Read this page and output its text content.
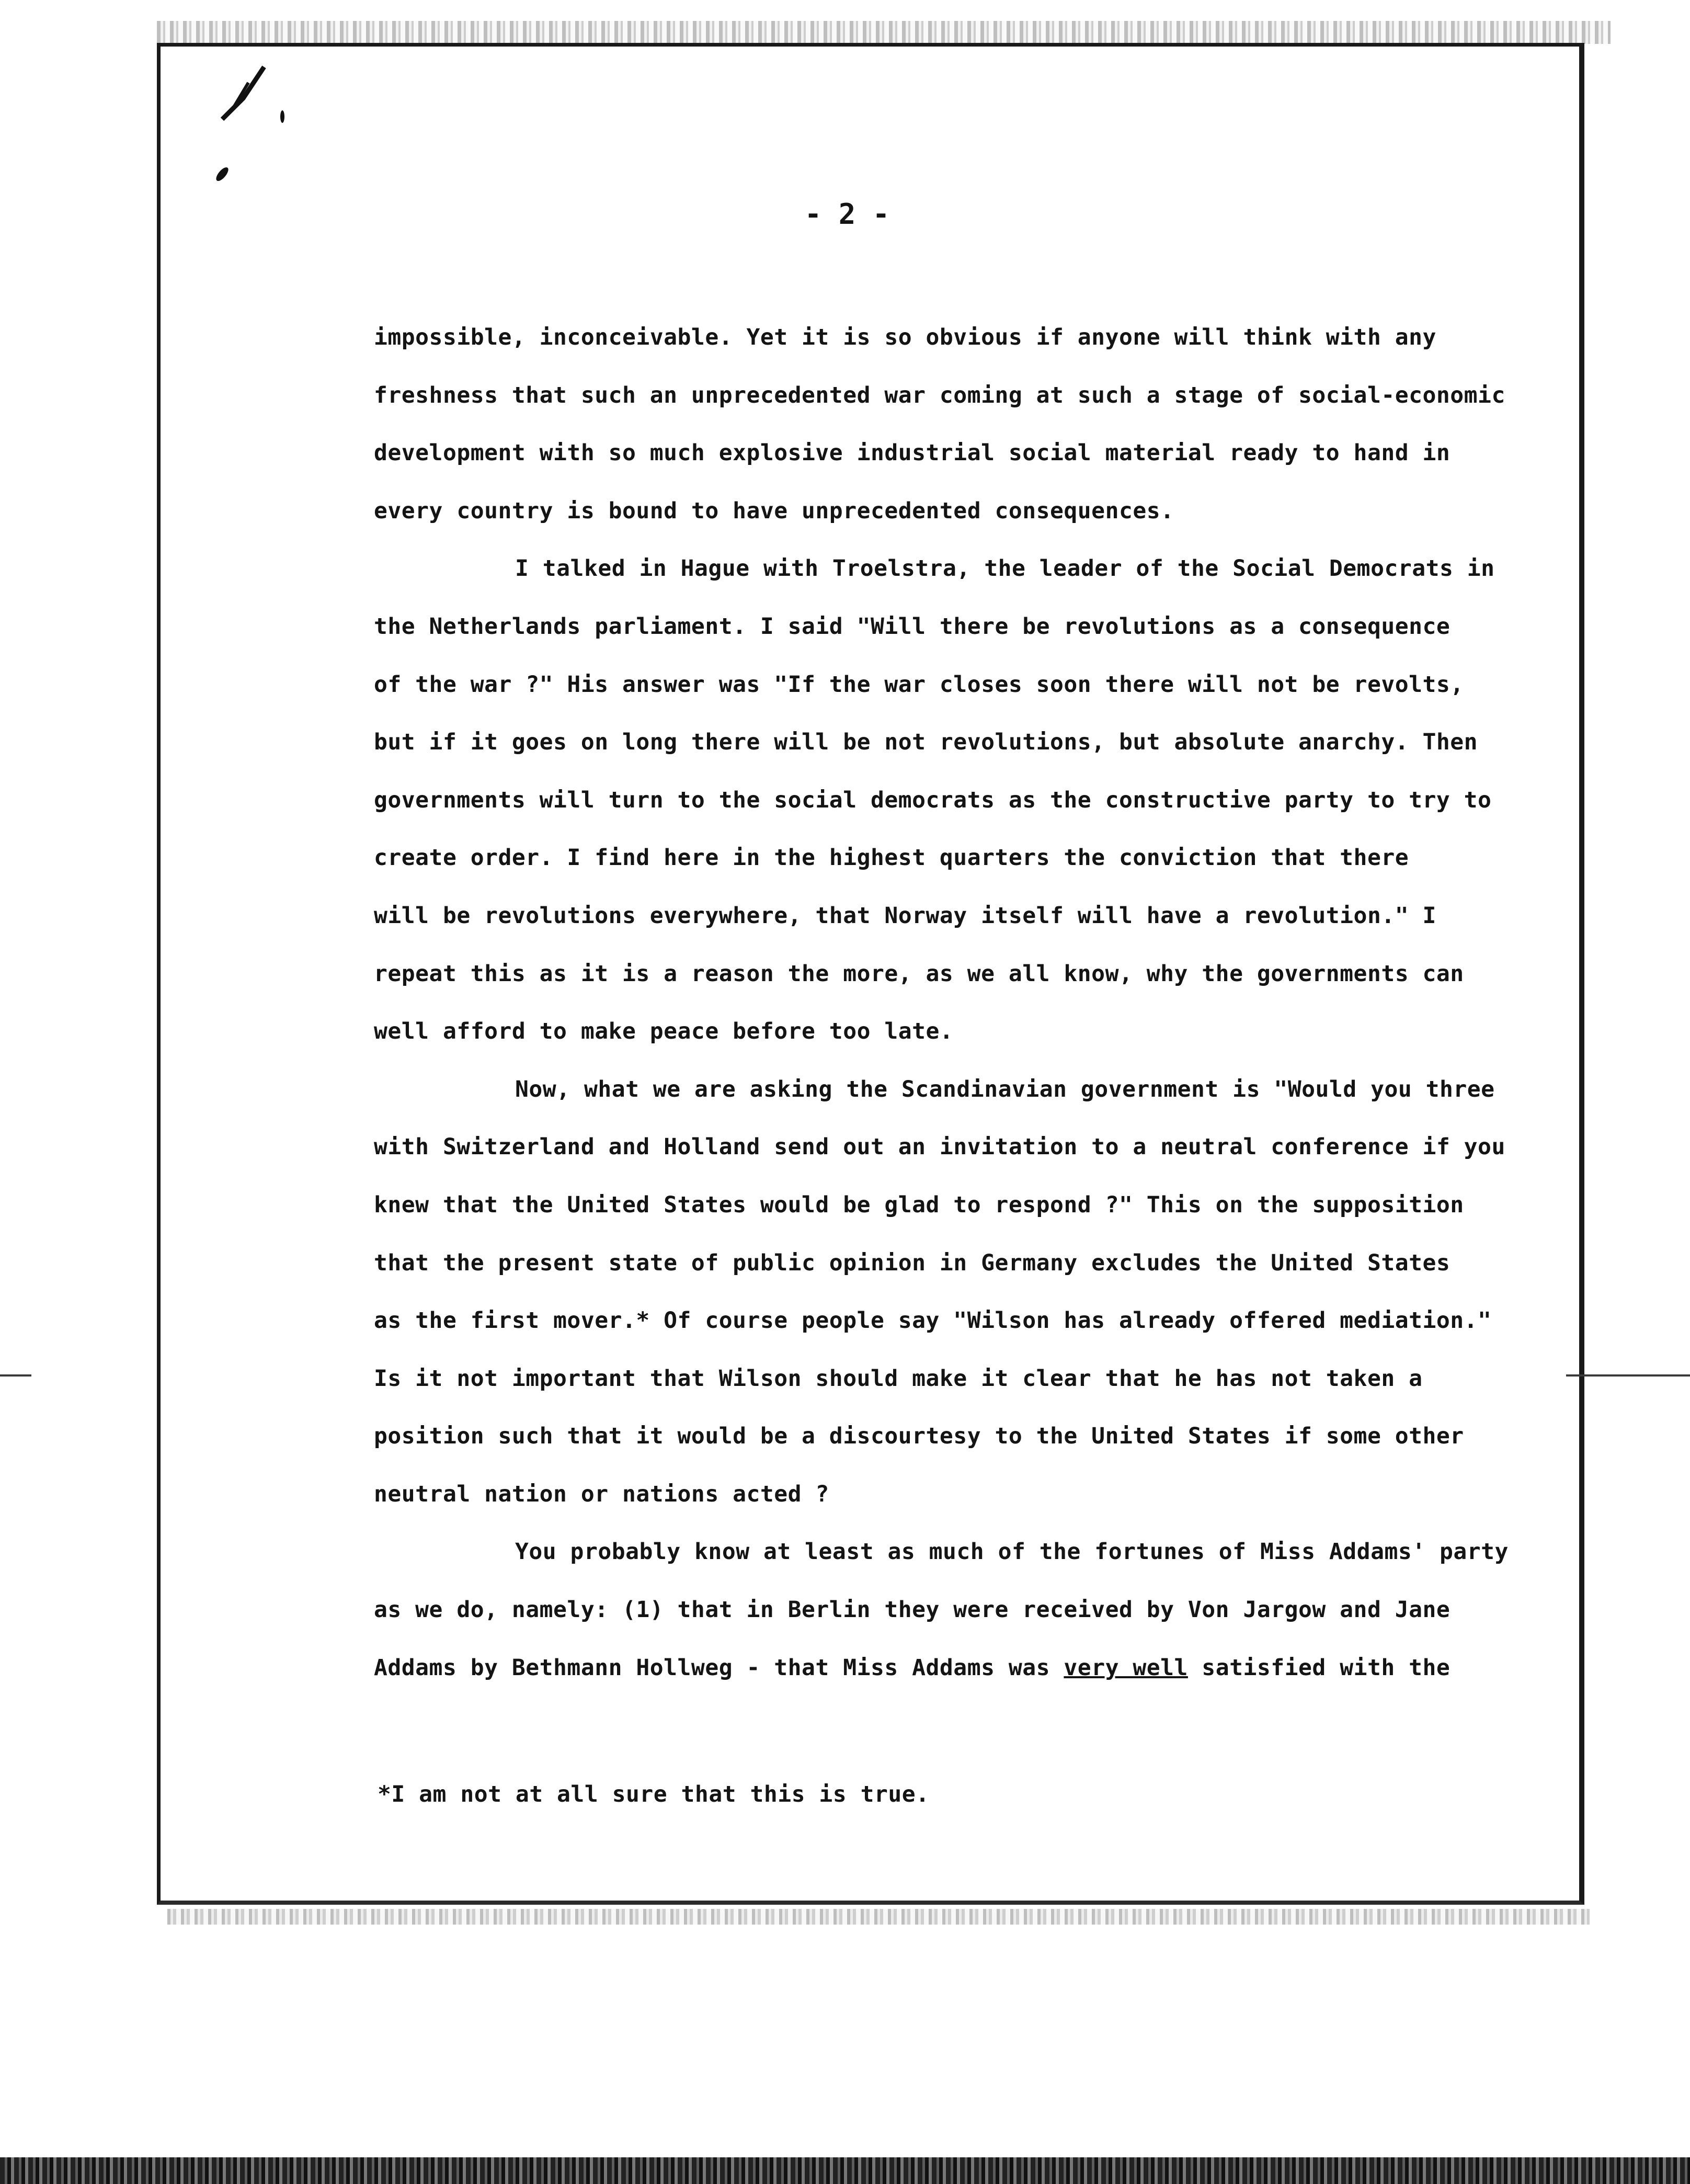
- 2 -
impossible, inconceivable. Yet it is so obvious if anyone will think with any
freshness that such an unprecedented war coming at such a stage of social-economic
development with so much explosive industrial social material ready to hand in
every country is bound to have unprecedented consequences.
I talked in Hague with Troelstra, the leader of the Social Democrats in
the Netherlands parliament. I said "Will there be revolutions as a consequence
of the war ?" His answer was "If the war closes soon there will not be revolts,
but if it goes on long there will be not revolutions, but absolute anarchy. Then
governments will turn to the social democrats as the constructive party to try to
create order. I find here in the highest quarters the conviction that there
will be revolutions everywhere, that Norway itself will have a revolution." I
repeat this as it is a reason the more, as we all know, why the governments can
well afford to make peace before too late.
Now, what we are asking the Scandinavian government is "Would you three
with Switzerland and Holland send out an invitation to a neutral conference if you
knew that the United States would be glad to respond ?" This on the supposition
that the present state of public opinion in Germany excludes the United States
as the first mover.* Of course people say "Wilson has already offered mediation."
Is it not important that Wilson should make it clear that he has not taken a
position such that it would be a discourtesy to the United States if some other
neutral nation or nations acted ?
You probably know at least as much of the fortunes of Miss Addams' party
as we do, namely: (1) that in Berlin they were received by Von Jargow and Jane
Addams by Bethmann Hollweg - that Miss Addams was very well satisfied with the
*I am not at all sure that this is true.
